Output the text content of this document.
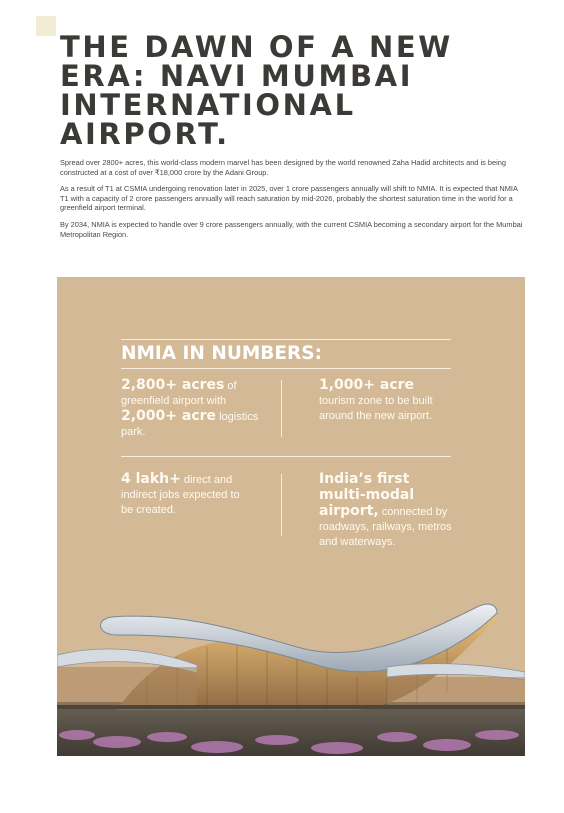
THE DAWN OF A NEW ERA: NAVI MUMBAI INTERNATIONAL AIRPORT.

Spread over 2800+ acres, this world-class modern marvel has been designed by the world renowned Zaha Hadid architects and is being constructed at a cost of over ₹18,000 crore by the Adani Group.

As a result of T1 at CSMIA undergoing renovation later in 2025, over 1 crore passengers annually will shift to NMIA. It is expected that NMIA T1 with a capacity of 2 crore passengers annually will reach saturation by mid-2026, probably the shortest saturation time in the world for a greenfield airport terminal.

By 2034, NMIA is expected to handle over 9 crore passengers annually, with the current CSMIA becoming a secondary airport for the Mumbai Metropolitan Region.

NMIA IN NUMBERS:
2,800+ acres of greenfield airport with 2,000+ acre logistics park.
1,000+ acre tourism zone to be built around the new airport.
4 lakh+ direct and indirect jobs expected to be created.
India’s first multi-modal airport, connected by roadways, railways, metros and waterways.
